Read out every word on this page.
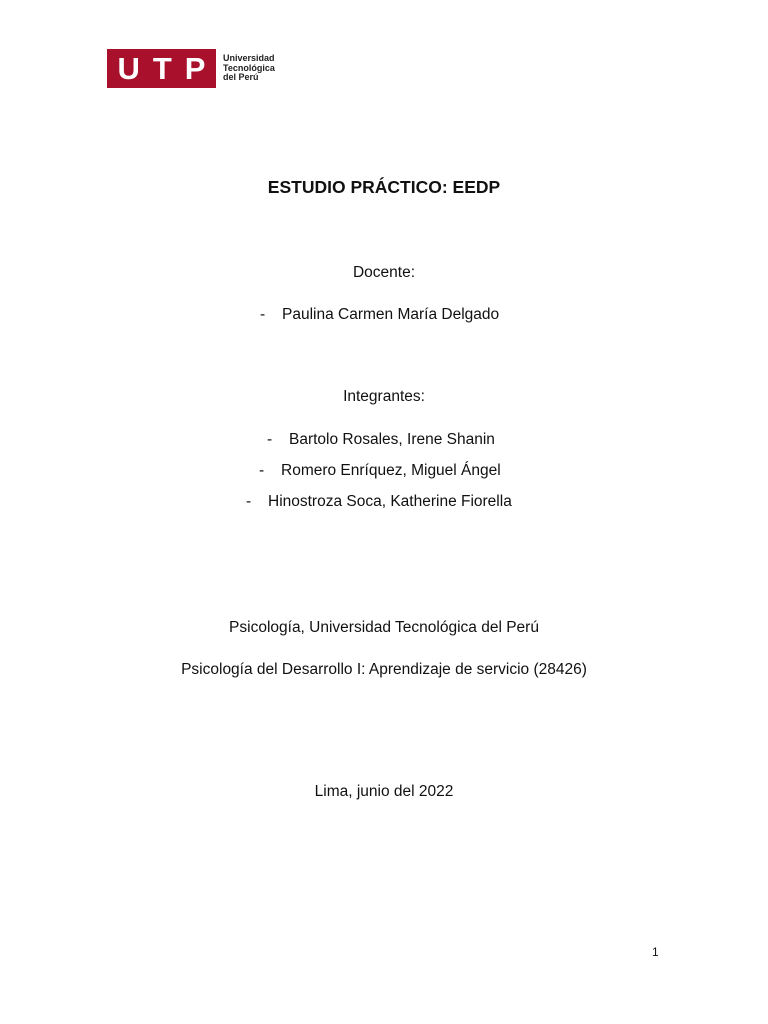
U T P Universidad
Tecnológica
del Perú
ESTUDIO PRÁCTICO: EEDP
Docente:
- Paulina Carmen María Delgado
Integrantes:
- Bartolo Rosales, Irene Shanin
- Romero Enríquez, Miguel Ángel
- Hinostroza Soca, Katherine Fiorella
Psicología, Universidad Tecnológica del Perú
Psicología del Desarrollo I: Aprendizaje de servicio (28426)
Lima, junio del 2022
1
